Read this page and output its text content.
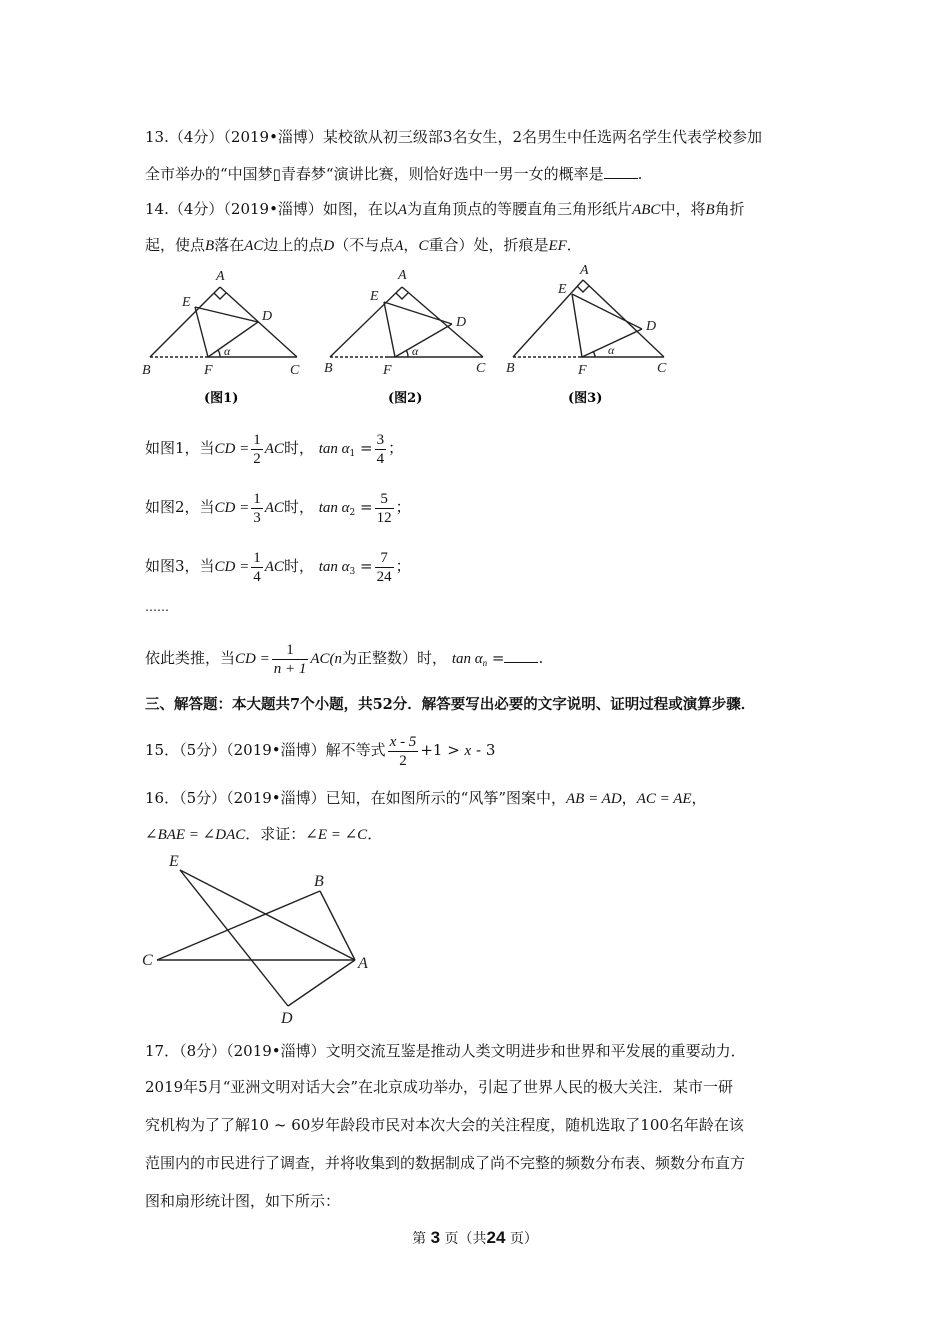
13.（4分）（2019•淄博）某校欲从初三级部3名女生，2名男生中任选两名学生代表学校参加
全市举办的“中国梦▯青春梦“演讲比赛，则恰好选中一男一女的概率是 .
14.（4分）（2019•淄博）如图，在以A为直角顶点的等腰直角三角形纸片ABC中，将B角折
起，使点B落在AC边上的点D（不与点A，C重合）处，折痕是EF．
A
E
D
B	F	C
α
A
E
D
B	F	C
α
A
E
D
B	F	C
α
(图1)	(图2)	(图3)
如图1，当CD = $\frac{1}{2}$ AC时， $\tan \alpha_1 = \frac{3}{4}$ ；
如图2，当CD = $\frac{1}{3}$ AC时， $\tan \alpha_2 = \frac{5}{12}$ ；
如图3，当CD = $\frac{1}{4}$ AC时， $\tan \alpha_3 = \frac{7}{24}$ ；
……
依此类推，当CD = $\frac{1}{n + 1} AC(n$为正整数）时， $\tan \alpha_n$ = .
三、解答题：本大题共7个小题，共52分．解答要写出必要的文字说明、证明过程或演算步骤．
15．（5分）（2019•淄博）解不等式 $\frac{x - 5}{2} +1 > x - 3$
16．（5分）（2019•淄博）已知，在如图所示的“风筝”图案中，AB = AD，AC = AE，
∠BAE = ∠DAC．求证：∠E = ∠C．
E
B
C	A
D
17．（8分）（2019•淄博）文明交流互鉴是推动人类文明进步和世界和平发展的重要动力．
2019年5月“亚洲文明对话大会”在北京成功举办，引起了世界人民的极大关注．某市一研
究机构为了了解10 ~ 60岁年龄段市民对本次大会的关注程度，随机选取了100名年龄在该
范围内的市民进行了调查，并将收集到的数据制成了尚不完整的频数分布表、频数分布直方
图和扇形统计图，如下所示：
第 3 页（共24 页）
